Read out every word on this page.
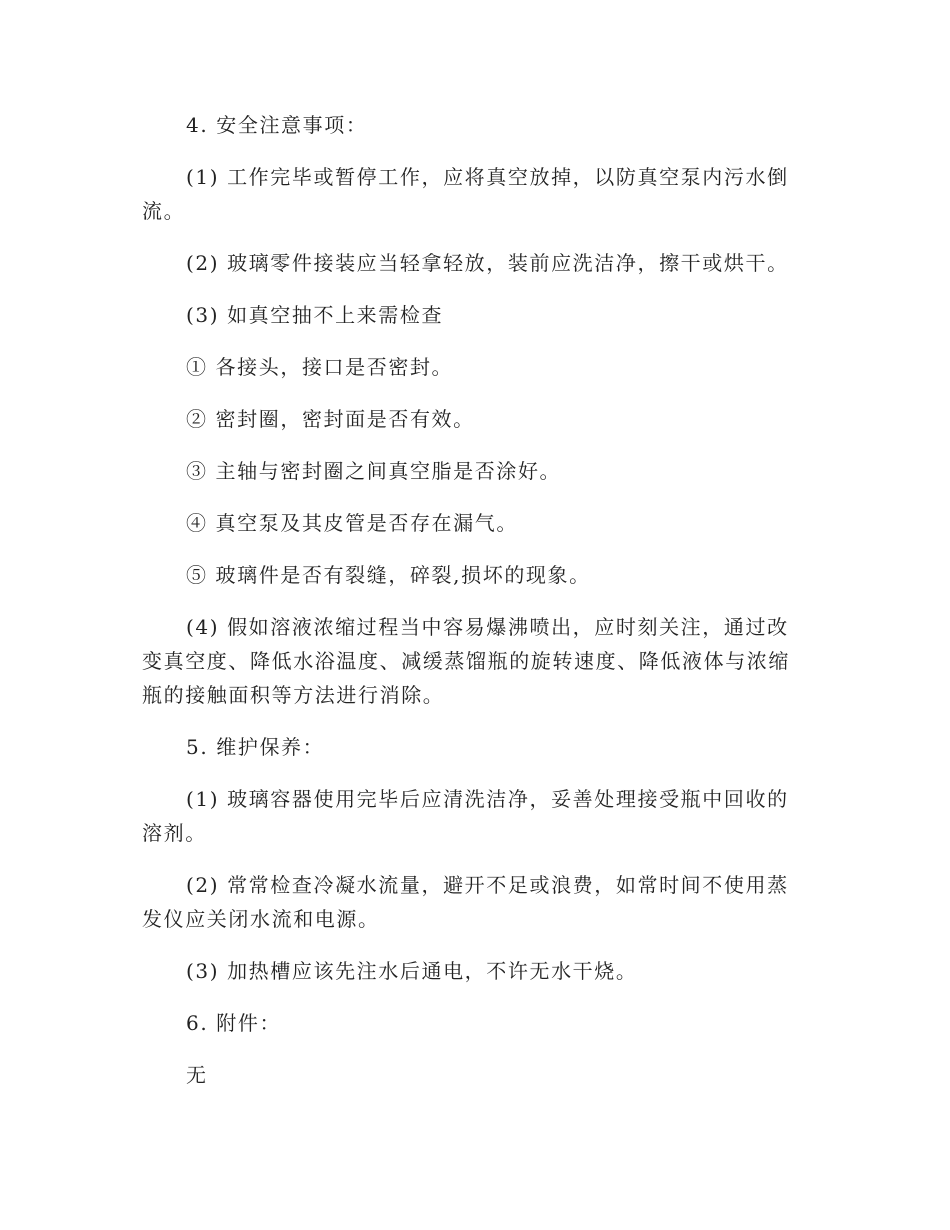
4. 安全注意事项：

(1) 工作完毕或暂停工作，应将真空放掉，以防真空泵内污水倒流。

(2) 玻璃零件接装应当轻拿轻放，装前应洗洁净，擦干或烘干。

(3) 如真空抽不上来需检查

① 各接头，接口是否密封。

② 密封圈，密封面是否有效。

③ 主轴与密封圈之间真空脂是否涂好。

④ 真空泵及其皮管是否存在漏气。

⑤ 玻璃件是否有裂缝，碎裂,损坏的现象。

(4) 假如溶液浓缩过程当中容易爆沸喷出，应时刻关注，通过改变真空度、降低水浴温度、减缓蒸馏瓶的旋转速度、降低液体与浓缩瓶的接触面积等方法进行消除。

5. 维护保养：

(1) 玻璃容器使用完毕后应清洗洁净，妥善处理接受瓶中回收的溶剂。

(2) 常常检查冷凝水流量，避开不足或浪费，如常时间不使用蒸发仪应关闭水流和电源。

(3) 加热槽应该先注水后通电，不许无水干烧。

6. 附件：

无
